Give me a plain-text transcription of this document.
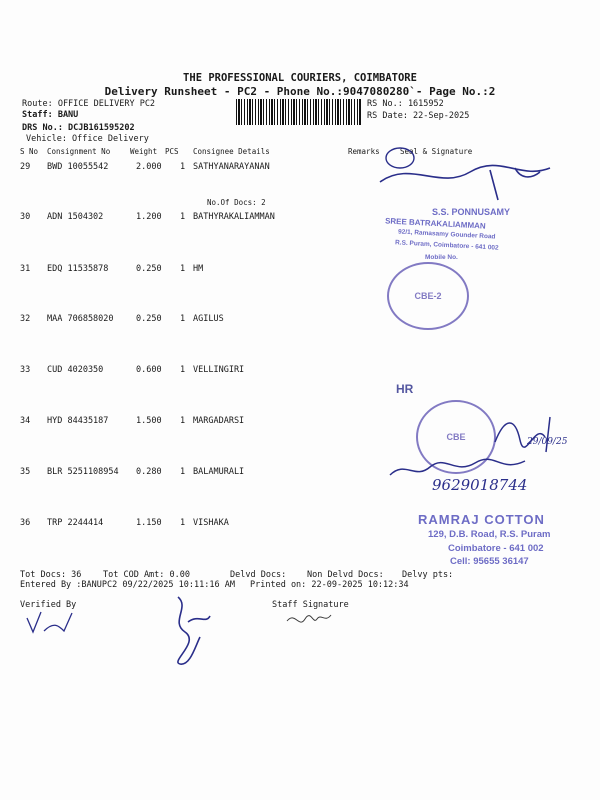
THE PROFESSIONAL COURIERS, COIMBATORE
Delivery Runsheet - PC2 - Phone No.:9047080280`- Page No.:2
Route: OFFICE DELIVERY PC2
Staff: BANU
DRS No.: DCJB161595202
Vehicle: Office Delivery
RS No.: 1615952
RS Date: 22-Sep-2025
S No Consignment No	Weight PCS Consignee Details	Remarks	Seal & Signature
29 BWD 10055542	2.000 1 SATHYANARAYANAN
No.Of Docs: 2
30 ADN 1504302	1.200 1 BATHYRAKALIAMMAN
31 EDQ 11535878	0.250 1 HM
32 MAA 706858020	0.250 1 AGILUS
33 CUD 4020350	0.600 1 VELLINGIRI
34 HYD 84435187	1.500 1 MARGADARSI
35 BLR 5251108954 0.280 1 BALAMURALI
36 TRP 2244414	1.150 1 VISHAKA
S.S. PONNUSAMY
SREE BATRAKALIAMMAN
92/1, Ramasamy Gounder Road
R.S. Puram, Coimbatore - 641 002
Mobile No.
CBE-2
HR
CBE	29/09/25
9629018744
RAMRAJ COTTON
129, D.B. Road, R.S. Puram
Coimbatore - 641 002
Cell: 95655 36147
Tot Docs: 36	Tot COD Amt: 0.00	Delvd Docs: Non Delvd Docs: Delvy pts:
Entered By :BANUPC2 09/22/2025 10:11:16 AM Printed on: 22-09-2025 10:12:34
Verified By	Staff Signature
